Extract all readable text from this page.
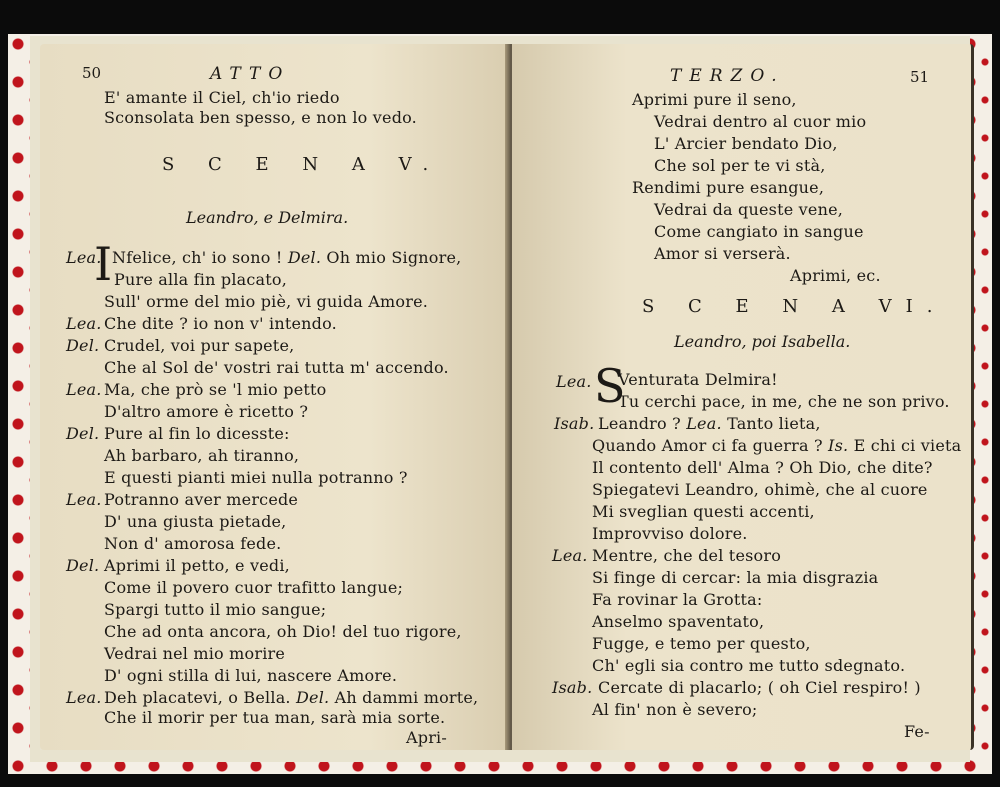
50	ATTO
E' amante il Ciel, ch'io riedo
Sconsolata ben spesso, e non lo vedo.
S C E N A V.
Leandro, e Delmira.
Lea.
I Nfelice, ch' io sono ! Del. Oh mio Signore,
Pure alla fin placato,
Sull' orme del mio piè, vi guida Amore.
Lea. Che dite ? io non v' intendo.
Del. Crudel, voi pur sapete,
Che al Sol de' vostri rai tutta m' accendo.
Lea. Ma, che prò se 'l mio petto
D'altro amore è ricetto ?
Del. Pure al fin lo dicesste:
Ah barbaro, ah tiranno,
E questi pianti miei nulla potranno ?
Lea. Potranno aver mercede
D' una giusta pietade,
Non d' amorosa fede.
Del. Aprimi il petto, e vedi,
Come il povero cuor trafitto langue;
Spargi tutto il mio sangue;
Che ad onta ancora, oh Dio! del tuo rigore,
Vedrai nel mio morire
D' ogni stilla di lui, nascere Amore.
Lea. Deh placatevi, o Bella. Del. Ah dammi morte,
Che il morir per tua man, sarà mia sorte.
Apri-
TERZO.	51
Aprimi pure il seno,
Vedrai dentro al cuor mio
L' Arcier bendato Dio,
Che sol per te vi stà,
Rendimi pure esangue,
Vedrai da queste vene,
Come cangiato in sangue
Amor si verserà.
Aprimi, ec.
S C E N A VI.
Leandro, poi Isabella.
Lea. S
Venturata Delmira!
Tu cerchi pace, in me, che ne son privo.
Isab. Leandro ? Lea. Tanto lieta,
Quando Amor ci fa guerra ? Is. E chi ci vieta
Il contento dell' Alma ? Oh Dio, che dite?
Spiegatevi Leandro, ohimè, che al cuore
Mi sveglian questi accenti,
Improvviso dolore.
Lea. Mentre, che del tesoro
Si finge di cercar: la mia disgrazia
Fa rovinar la Grotta:
Anselmo spaventato,
Fugge, e temo per questo,
Ch' egli sia contro me tutto sdegnato.
Isab. Cercate di placarlo; ( oh Ciel respiro! )
Al fin' non è severo;
Fe-
